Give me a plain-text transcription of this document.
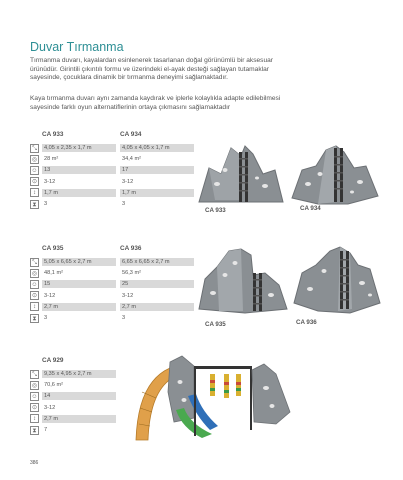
Duvar Tırmanma
Tırmanma duvarı, kayalardan esinlenerek tasarlanan doğal görünümlü bir aksesuar
ürünüdür. Girintili çıkıntılı formu ve üzerindeki el-ayak desteği sağlayan tutamaklar
sayesinde, çocuklara dinamik bir tırmanma deneyimi sağlamaktadır.
Kaya tırmanma duvarı aynı zamanda kaydırak ve iplerle kolaylıkla adapte edilebilmesi
sayesinde farklı oyun alternatiflerinin ortaya çıkmasını sağlamaktadır
⤡
◎
☺
⊙
↕
⧗
CA 933
4,05 x 2,35 x 1,7 m
28 m²
13
3-12
1,7 m
3
CA 934
4,05 x 4,05 x 1,7 m
34,4 m²
17
3-12
1,7 m
3
⤡
◎
☺
⊙
↕
⧗
CA 935
5,05 x 6,65 x 2,7 m
48,1 m²
15
3-12
2,7 m
3
CA 936
6,65 x 6,65 x 2,7 m
56,3 m²
25
3-12
2,7 m
3
⤡
◎
☺
⊙
↕
⧗
CA 929
9,35 x 4,95 x 2,7 m
70,6 m²
14
3-12
2,7 m
7
CA 933	CA 934
CA 935	CA 936
386
